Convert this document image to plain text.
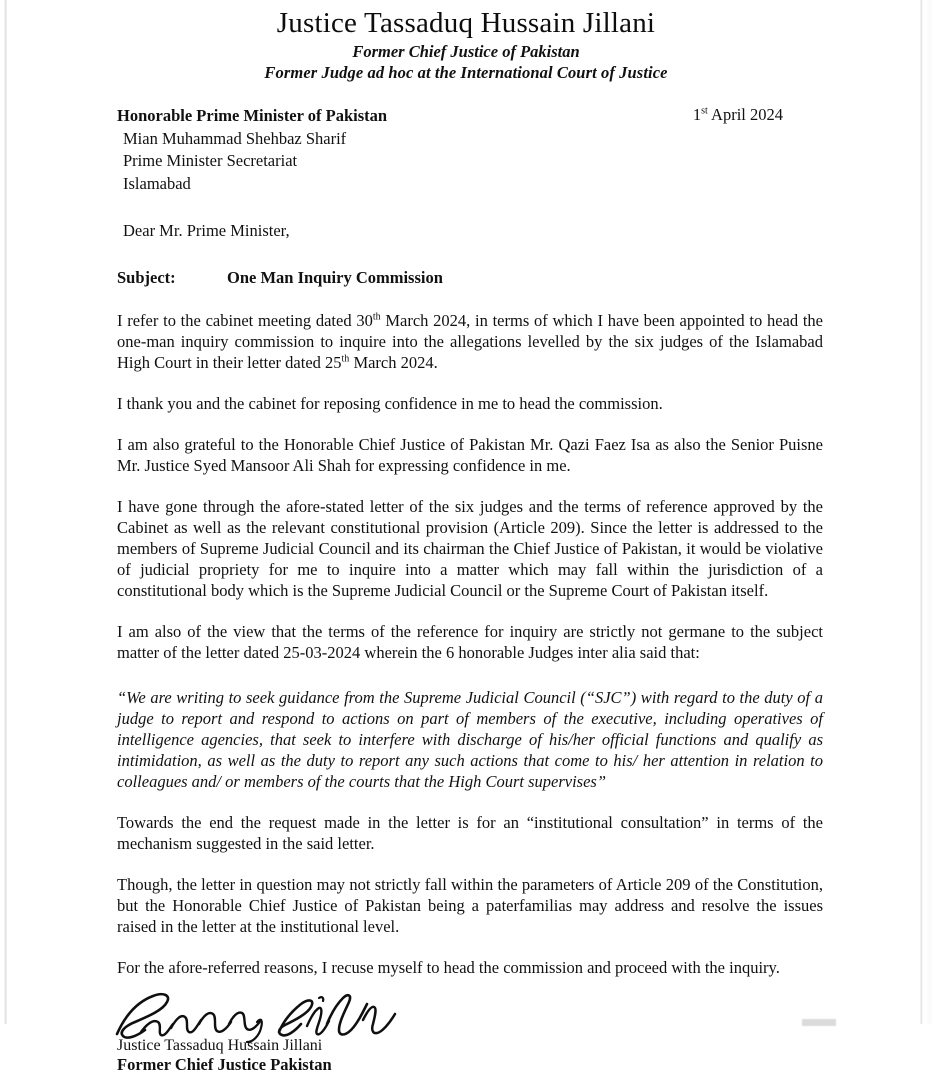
Justice Tassaduq Hussain Jillani
Former Chief Justice of Pakistan
Former Judge ad hoc at the International Court of Justice
Honorable Prime Minister of Pakistan
Mian Muhammad Shehbaz Sharif
Prime Minister Secretariat
Islamabad
1st April 2024
Dear Mr. Prime Minister,
Subject:	One Man Inquiry Commission

I refer to the cabinet meeting dated 30th March 2024, in terms of which I have been appointed to head the one-man inquiry commission to inquire into the allegations levelled by the six judges of the Islamabad High Court in their letter dated 25th March 2024.

I thank you and the cabinet for reposing confidence in me to head the commission.

I am also grateful to the Honorable Chief Justice of Pakistan Mr. Qazi Faez Isa as also the Senior Puisne Mr. Justice Syed Mansoor Ali Shah for expressing confidence in me.

I have gone through the afore-stated letter of the six judges and the terms of reference approved by the Cabinet as well as the relevant constitutional provision (Article 209). Since the letter is addressed to the members of Supreme Judicial Council and its chairman the Chief Justice of Pakistan, it would be violative of judicial propriety for me to inquire into a matter which may fall within the jurisdiction of a constitutional body which is the Supreme Judicial Council or the Supreme Court of Pakistan itself.

I am also of the view that the terms of the reference for inquiry are strictly not germane to the subject matter of the letter dated 25-03-2024 wherein the 6 honorable Judges inter alia said that:

“We are writing to seek guidance from the Supreme Judicial Council (“SJC”) with regard to the duty of a judge to report and respond to actions on part of members of the executive, including operatives of intelligence agencies, that seek to interfere with discharge of his/her official functions and qualify as intimidation, as well as the duty to report any such actions that come to his/ her attention in relation to colleagues and/ or members of the courts that the High Court supervises”

Towards the end the request made in the letter is for an “institutional consultation” in terms of the mechanism suggested in the said letter.

Though, the letter in question may not strictly fall within the parameters of Article 209 of the Constitution, but the Honorable Chief Justice of Pakistan being a paterfamilias may address and resolve the issues raised in the letter at the institutional level.

For the afore-referred reasons, I recuse myself to head the commission and proceed with the inquiry.

Justice Tassaduq Hussain Jillani
Former Chief Justice Pakistan
